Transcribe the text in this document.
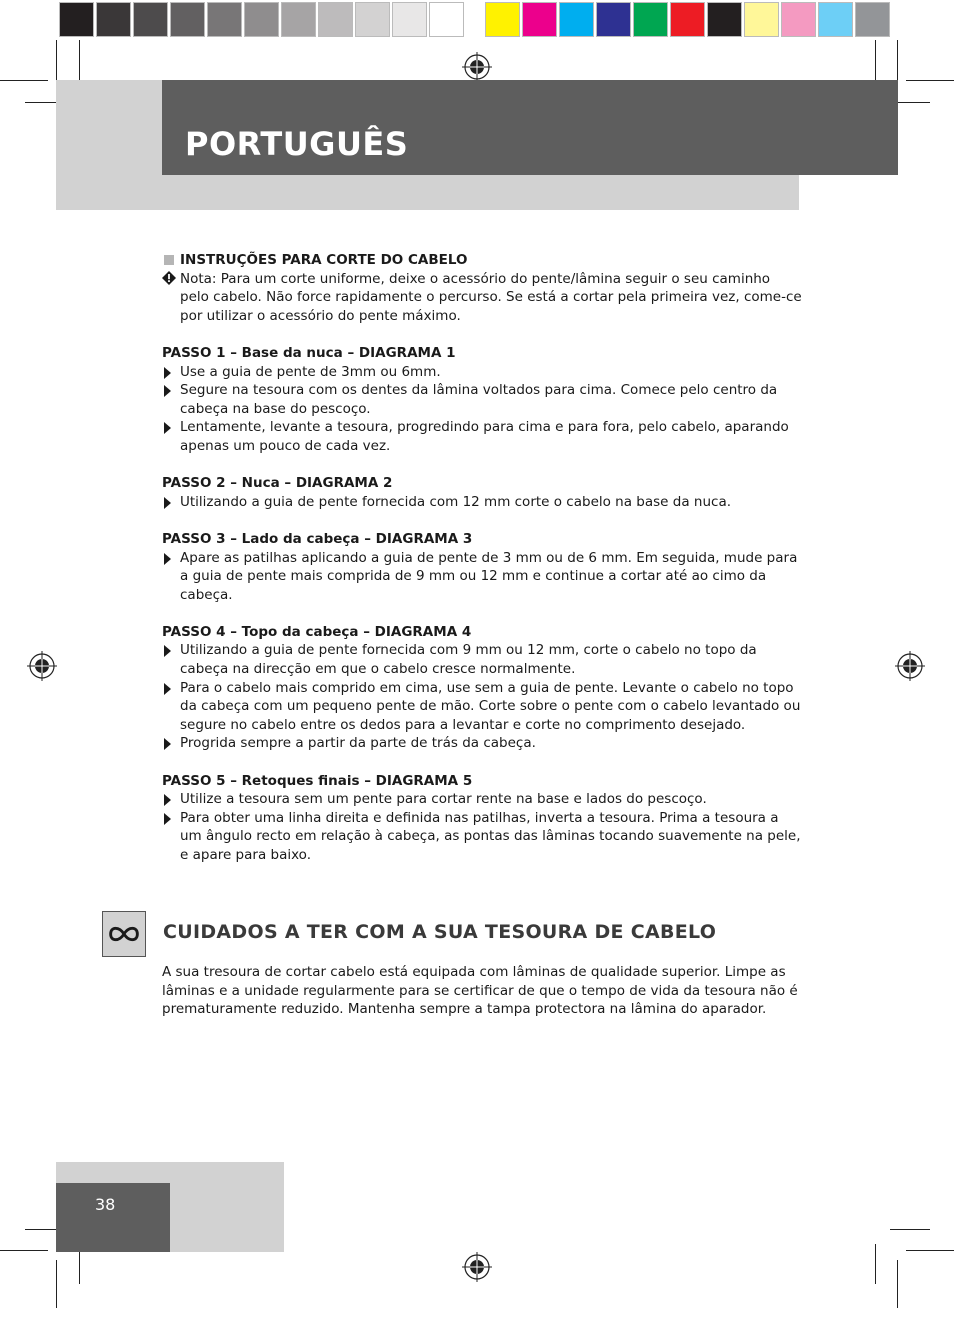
PORTUGUÊS
INSTRUÇÕES PARA CORTE DO CABELO
Nota: Para um corte uniforme, deixe o acessório do pente/lâmina seguir o seu caminho pelo cabelo. Não force rapidamente o percurso. Se está a cortar pela primeira vez, come-ce por utilizar o acessório do pente máximo.
PASSO 1 – Base da nuca – DIAGRAMA 1
Use a guia de pente de 3mm ou 6mm.
Segure na tesoura com os dentes da lâmina voltados para cima. Comece pelo centro da cabeça na base do pescoço.
Lentamente, levante a tesoura, progredindo para cima e para fora, pelo cabelo, aparando apenas um pouco de cada vez.
PASSO 2 – Nuca – DIAGRAMA 2
Utilizando a guia de pente fornecida com 12 mm corte o cabelo na base da nuca.
PASSO 3 – Lado da cabeça – DIAGRAMA 3
Apare as patilhas aplicando a guia de pente de 3 mm ou de 6 mm. Em seguida, mude para a guia de pente mais comprida de 9 mm ou 12 mm e continue a cortar até ao cimo da cabeça.
PASSO 4 – Topo da cabeça – DIAGRAMA 4
Utilizando a guia de pente fornecida com 9 mm ou 12 mm, corte o cabelo no topo da cabeça na direcção em que o cabelo cresce normalmente.
Para o cabelo mais comprido em cima, use sem a guia de pente. Levante o cabelo no topo da cabeça com um pequeno pente de mão. Corte sobre o pente com o cabelo levantado ou segure no cabelo entre os dedos para a levantar e corte no comprimento desejado.
Progrida sempre a partir da parte de trás da cabeça.
PASSO 5 – Retoques finais – DIAGRAMA 5
Utilize a tesoura sem um pente para cortar rente na base e lados do pescoço.
Para obter uma linha direita e definida nas patilhas, inverta a tesoura. Prima a tesoura a um ângulo recto em relação à cabeça, as pontas das lâminas tocando suavemente na pele, e apare para baixo.
CUIDADOS A TER COM A SUA TESOURA DE CABELO
A sua tresoura de cortar cabelo está equipada com lâminas de qualidade superior. Limpe as lâminas e a unidade regularmente para se certificar de que o tempo de vida da tesoura não é prematuramente reduzido. Mantenha sempre a tampa protectora na lâmina do aparador.
38
